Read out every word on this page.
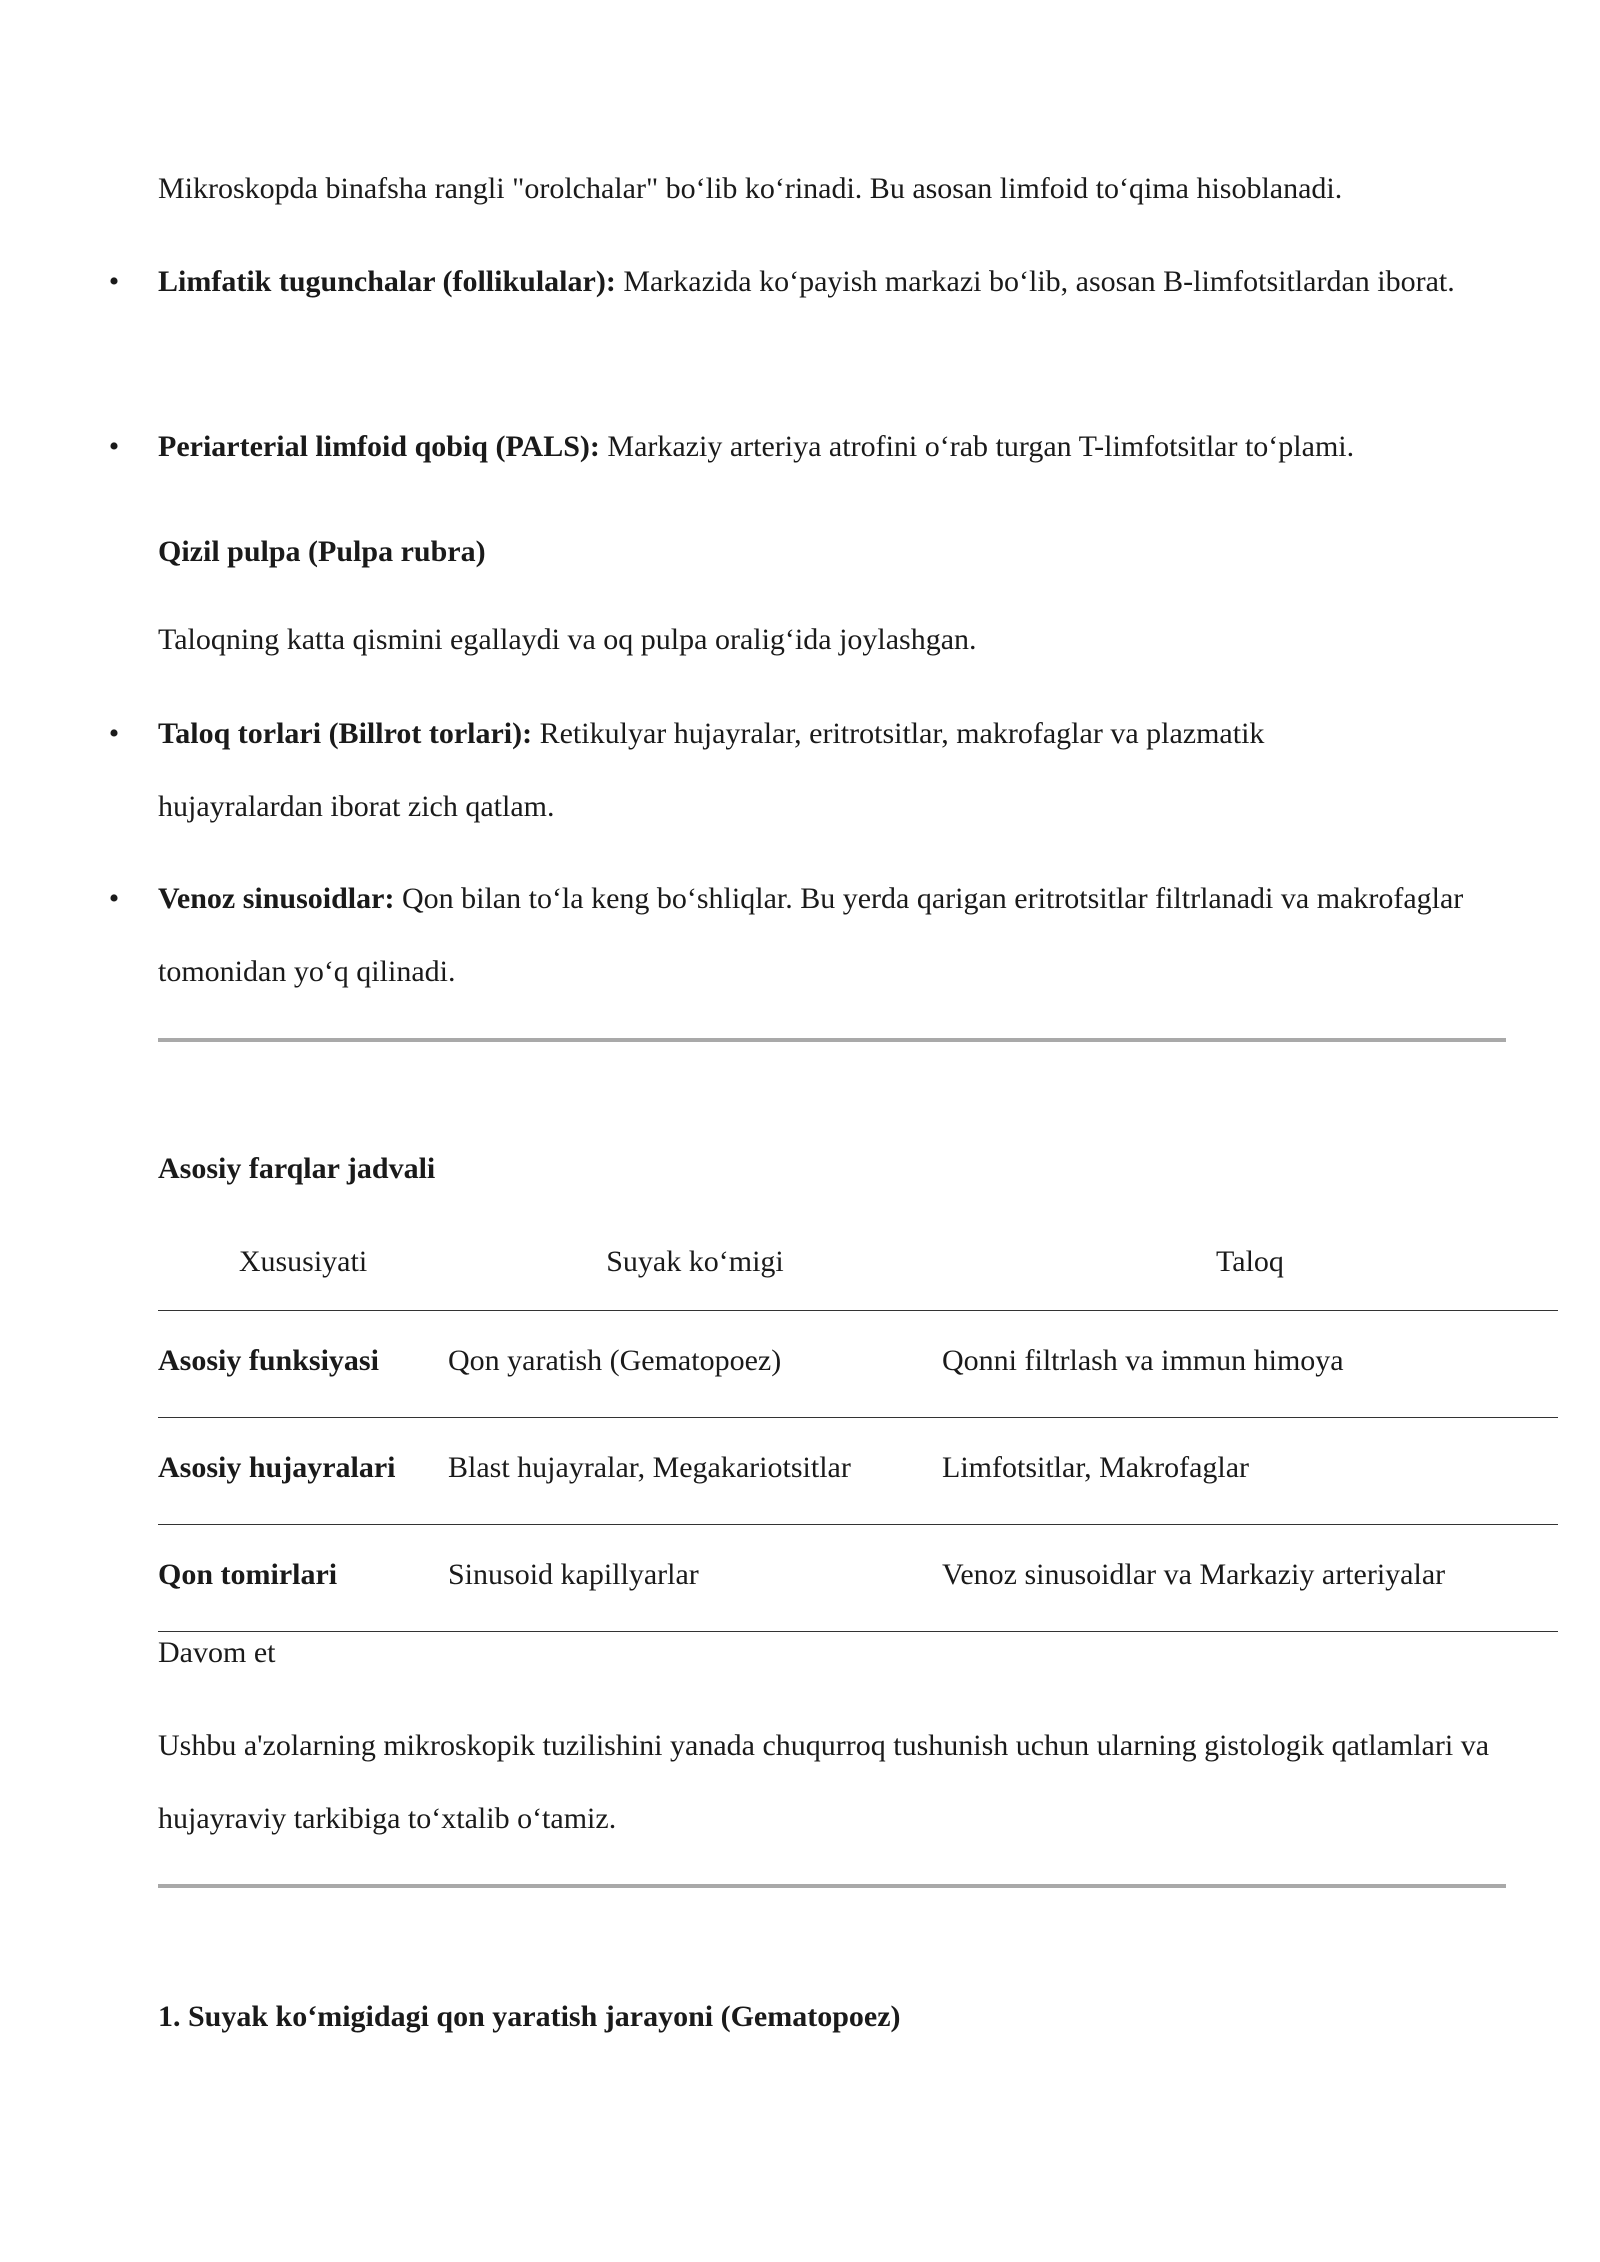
Mikroskopda binafsha rangli "orolchalar" bo‘lib ko‘rinadi. Bu asosan limfoid to‘qima hisoblanadi.

• Limfatik tugunchalar (follikulalar): Markazida ko‘payish markazi bo‘lib, asosan B-limfotsitlardan iborat.

• Periarterial limfoid qobiq (PALS): Markaziy arteriya atrofini o‘rab turgan T-limfotsitlar to‘plami.

Qizil pulpa (Pulpa rubra)

Taloqning katta qismini egallaydi va oq pulpa oralig‘ida joylashgan.

• Taloq torlari (Billrot torlari): Retikulyar hujayralar, eritrotsitlar, makrofaglar va plazmatik hujayralardan iborat zich qatlam.

• Venoz sinusoidlar: Qon bilan to‘la keng bo‘shliqlar. Bu yerda qarigan eritrotsitlar filtrlanadi va makrofaglar tomonidan yo‘q qilinadi.

Asosiy farqlar jadvali

Xususiyati	Suyak ko‘migi	Taloq
Asosiy funksiyasi	Qon yaratish (Gematopoez)	Qonni filtrlash va immun himoya
Asosiy hujayralari	Blast hujayralar, Megakariotsitlar	Limfotsitlar, Makrofaglar
Qon tomirlari	Sinusoid kapillyarlar	Venoz sinusoidlar va Markaziy arteriyalar

Davom et

Ushbu a'zolarning mikroskopik tuzilishini yanada chuqurroq tushunish uchun ularning gistologik qatlamlari va hujayraviy tarkibiga to‘xtalib o‘tamiz.

1. Suyak ko‘migidagi qon yaratish jarayoni (Gematopoez)
